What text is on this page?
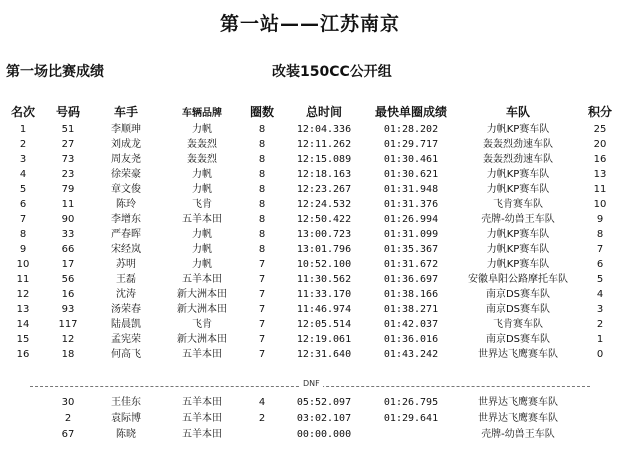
第一站——江苏南京
第一场比赛成绩	改装150CC公开组
名次	号码	车手	车辆品牌	圈数	总时间	最快单圈成绩	车队	积分
1	51	李顺珅	力帆	8	12:04.336	01:28.202	力帆KP赛车队	25
2	27	刘成龙	轰轰烈	8	12:11.262	01:29.717	轰轰烈劲速车队	20
3	73	周友尧	轰轰烈	8	12:15.089	01:30.461	轰轰烈劲速车队	16
4	23	徐荣豪	力帆	8	12:18.163	01:30.621	力帆KP赛车队	13
5	79	章文俊	力帆	8	12:23.267	01:31.948	力帆KP赛车队	11
6	11	陈玲	飞肯	8	12:24.532	01:31.376	飞肯赛车队	10
7	90	李增东	五羊本田	8	12:50.422	01:26.994	壳牌-幼兽王车队	9
8	33	严春晖	力帆	8	13:00.723	01:31.099	力帆KP赛车队	8
9	66	宋经岚	力帆	8	13:01.796	01:35.367	力帆KP赛车队	7
10	17	苏明	力帆	7	10:52.100	01:31.672	力帆KP赛车队	6
11	56	王磊	五羊本田	7	11:30.562	01:36.697	安徽阜阳公路摩托车队	5
12	16	沈涛	新大洲本田	7	11:33.170	01:38.166	南京DS赛车队	4
13	93	汤荣春	新大洲本田	7	11:46.974	01:38.271	南京DS赛车队	3
14	117	陆晨凯	飞肯	7	12:05.514	01:42.037	飞肯赛车队	2
15	12	孟宪荣	新大洲本田	7	12:19.061	01:36.016	南京DS赛车队	1
16	18	何高飞	五羊本田	7	12:31.640	01:43.242	世界达飞鹰赛车队	0
DNF
	30	王佳东	五羊本田	4	05:52.097	01:26.795	世界达飞鹰赛车队	
	2	袁际博	五羊本田	2	03:02.107	01:29.641	世界达飞鹰赛车队	
	67	陈晓	五羊本田		00:00.000		壳牌-幼兽王车队	
